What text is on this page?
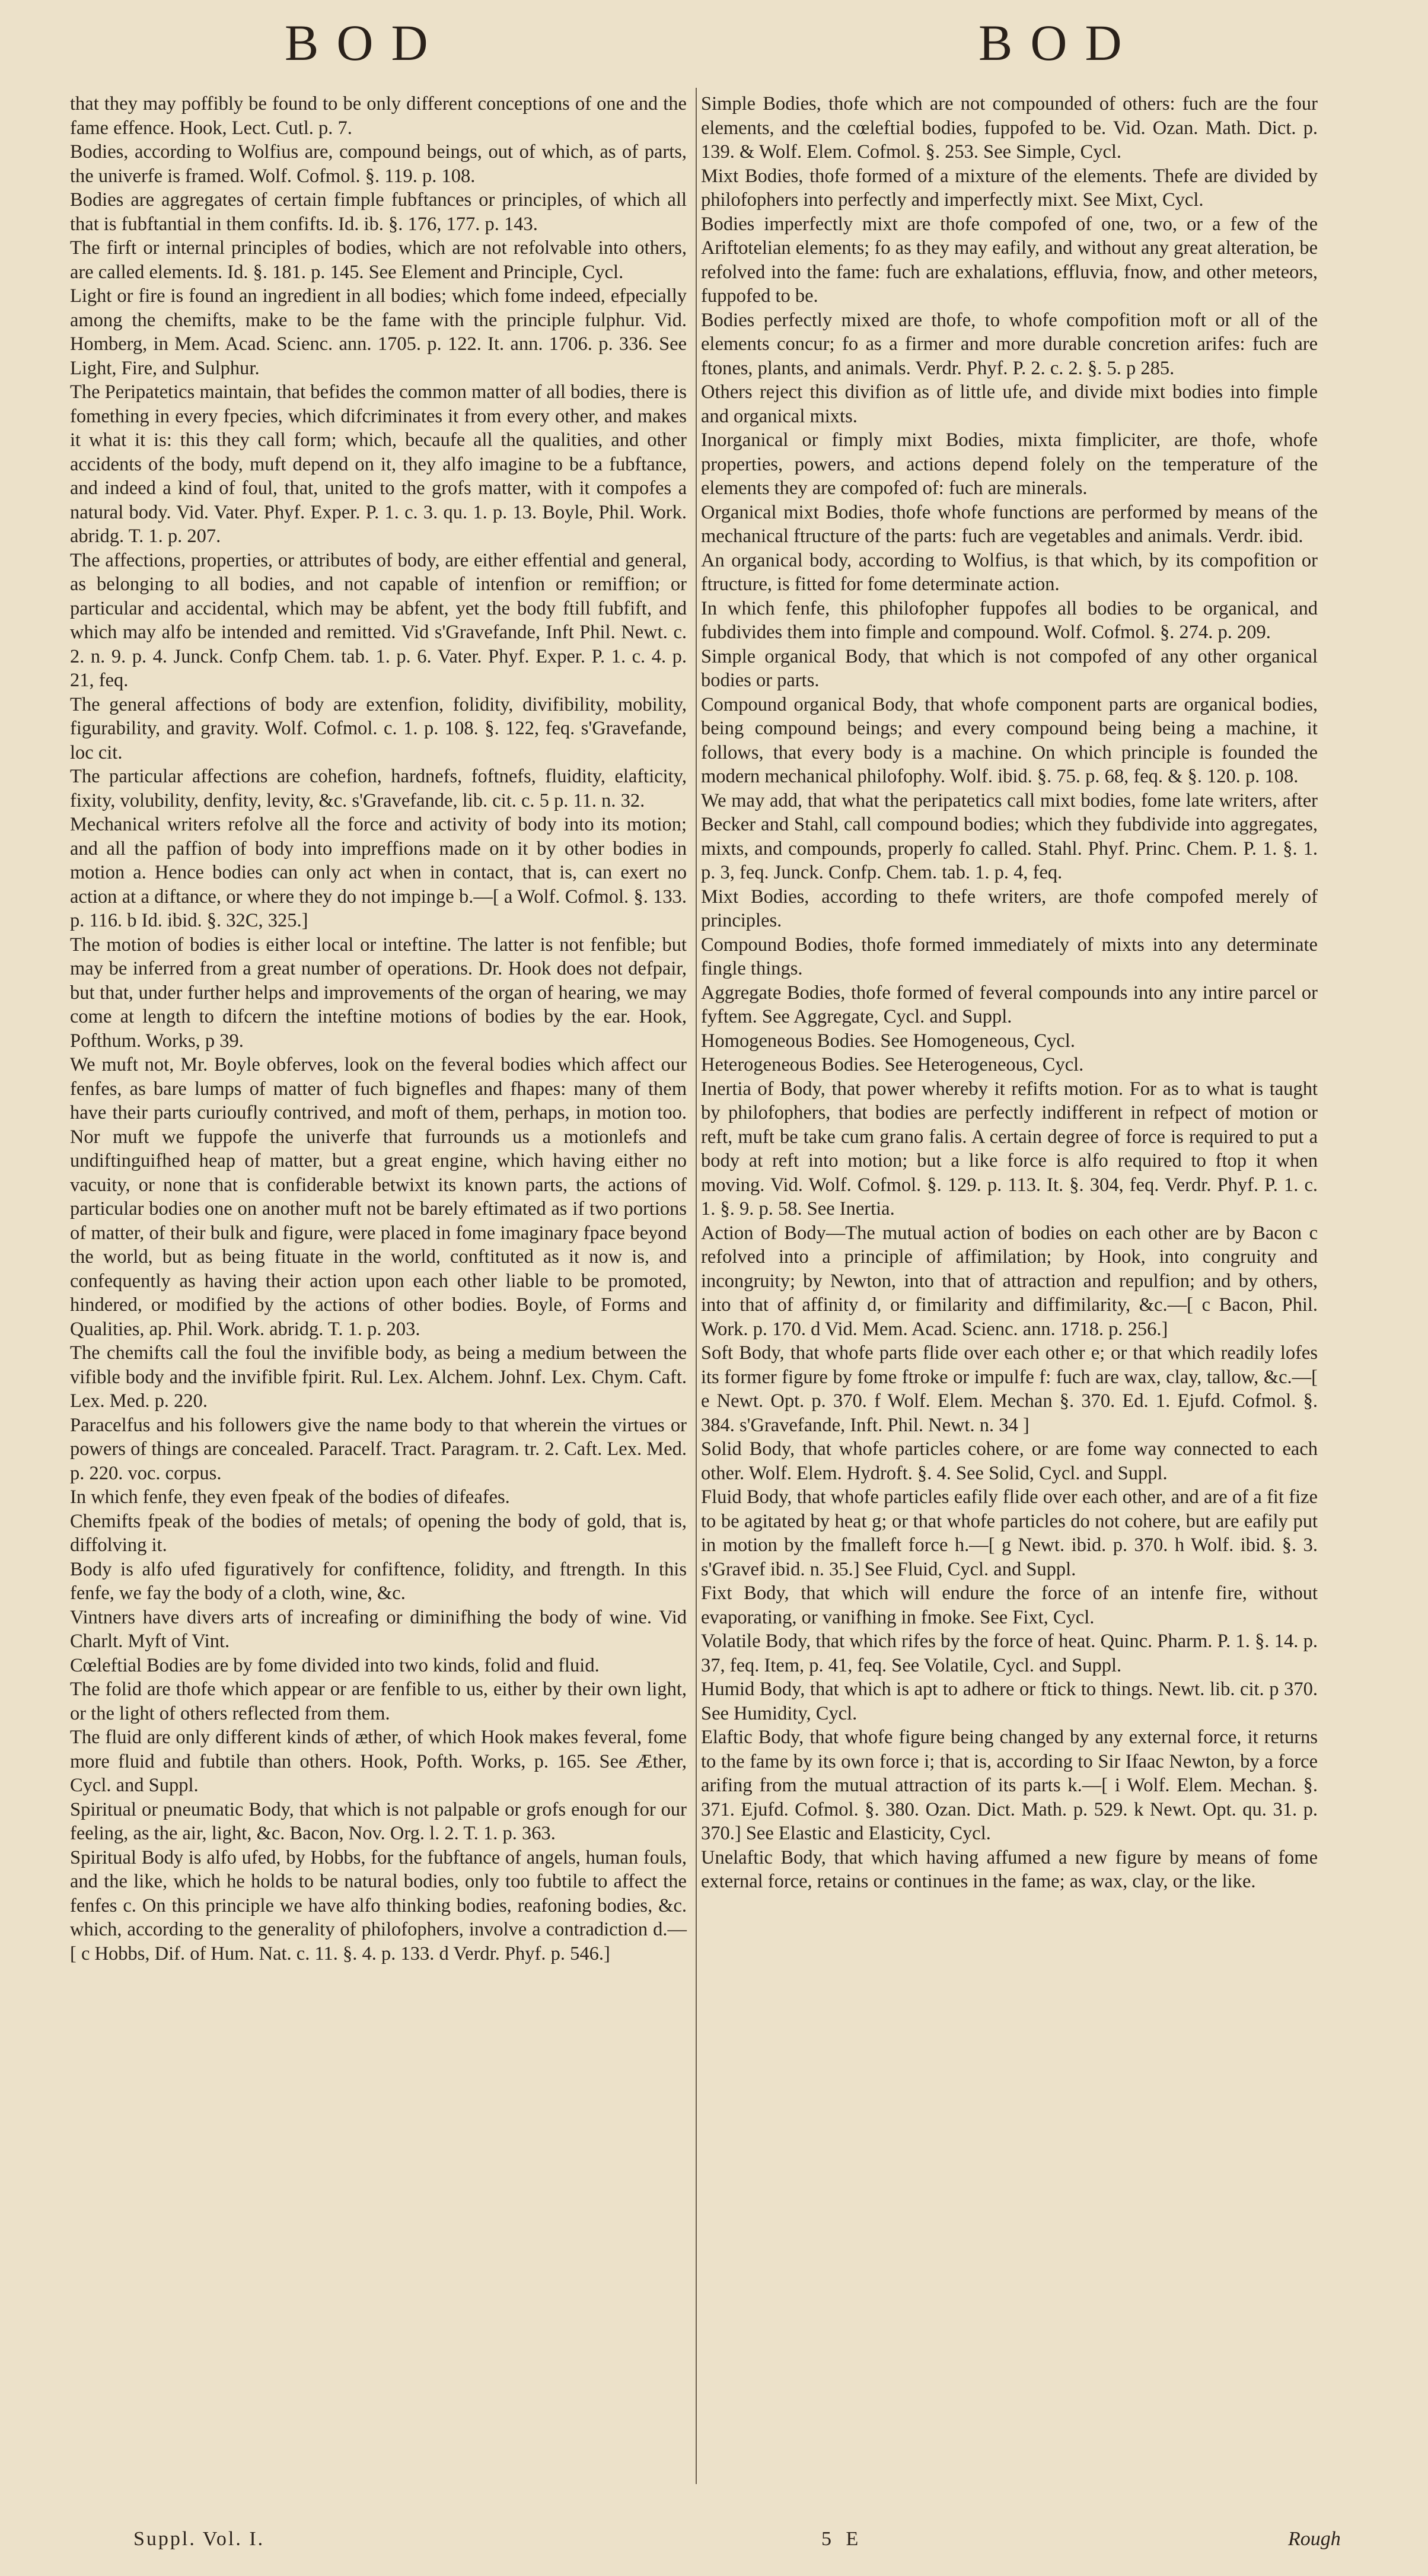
BOD	BOD

that they may poffibly be found to be only different conceptions of one and the fame effence. Hook, Lect. Cutl. p. 7.

Bodies, according to Wolfius are, compound beings, out of which, as of parts, the univerfe is framed. Wolf. Cofmol. §. 119. p. 108.

Bodies are aggregates of certain fimple fubftances or principles, of which all that is fubftantial in them confifts. Id. ib. §. 176, 177. p. 143.

The firft or internal principles of bodies, which are not refolvable into others, are called elements. Id. §. 181. p. 145. See Element and Principle, Cycl.

Light or fire is found an ingredient in all bodies; which fome indeed, efpecially among the chemifts, make to be the fame with the principle fulphur. Vid. Homberg, in Mem. Acad. Scienc. ann. 1705. p. 122. It. ann. 1706. p. 336. See Light, Fire, and Sulphur.

The Peripatetics maintain, that befides the common matter of all bodies, there is fomething in every fpecies, which difcriminates it from every other, and makes it what it is: this they call form; which, becaufe all the qualities, and other accidents of the body, muft depend on it, they alfo imagine to be a fubftance, and indeed a kind of foul, that, united to the grofs matter, with it compofes a natural body. Vid. Vater. Phyf. Exper. P. 1. c. 3. qu. 1. p. 13. Boyle, Phil. Work. abridg. T. 1. p. 207.

The affections, properties, or attributes of body, are either effential and general, as belonging to all bodies, and not capable of intenfion or remiffion; or particular and accidental, which may be abfent, yet the body ftill fubfift, and which may alfo be intended and remitted. Vid s'Gravefande, Inft Phil. Newt. c. 2. n. 9. p. 4. Junck. Confp Chem. tab. 1. p. 6. Vater. Phyf. Exper. P. 1. c. 4. p. 21, feq.

The general affections of body are extenfion, folidity, divifibility, mobility, figurability, and gravity. Wolf. Cofmol. c. 1. p. 108. §. 122, feq. s'Gravefande, loc cit.

The particular affections are cohefion, hardnefs, foftnefs, fluidity, elafticity, fixity, volubility, denfity, levity, &c. s'Gravefande, lib. cit. c. 5 p. 11. n. 32.

Mechanical writers refolve all the force and activity of body into its motion; and all the paffion of body into impreffions made on it by other bodies in motion a. Hence bodies can only act when in contact, that is, can exert no action at a diftance, or where they do not impinge b.—[ a Wolf. Cofmol. §. 133. p. 116. b Id. ibid. §. 32C, 325.]

The motion of bodies is either local or inteftine. The latter is not fenfible; but may be inferred from a great number of operations. Dr. Hook does not defpair, but that, under further helps and improvements of the organ of hearing, we may come at length to difcern the inteftine motions of bodies by the ear. Hook, Pofthum. Works, p 39.

We muft not, Mr. Boyle obferves, look on the feveral bodies which affect our fenfes, as bare lumps of matter of fuch bignefles and fhapes: many of them have their parts curioufly contrived, and moft of them, perhaps, in motion too. Nor muft we fuppofe the univerfe that furrounds us a motionlefs and undiftinguifhed heap of matter, but a great engine, which having either no vacuity, or none that is confiderable betwixt its known parts, the actions of particular bodies one on another muft not be barely eftimated as if two portions of matter, of their bulk and figure, were placed in fome imaginary fpace beyond the world, but as being fituate in the world, conftituted as it now is, and confequently as having their action upon each other liable to be promoted, hindered, or modified by the actions of other bodies. Boyle, of Forms and Qualities, ap. Phil. Work. abridg. T. 1. p. 203.

The chemifts call the foul the invifible body, as being a medium between the vifible body and the invifible fpirit. Rul. Lex. Alchem. Johnf. Lex. Chym. Caft. Lex. Med. p. 220.

Paracelfus and his followers give the name body to that wherein the virtues or powers of things are concealed. Paracelf. Tract. Paragram. tr. 2. Caft. Lex. Med. p. 220. voc. corpus.

In which fenfe, they even fpeak of the bodies of difeafes.

Chemifts fpeak of the bodies of metals; of opening the body of gold, that is, diffolving it.

Body is alfo ufed figuratively for confiftence, folidity, and ftrength. In this fenfe, we fay the body of a cloth, wine, &c.

Vintners have divers arts of increafing or diminifhing the body of wine. Vid Charlt. Myft of Vint.

Cœleftial Bodies are by fome divided into two kinds, folid and fluid.

The folid are thofe which appear or are fenfible to us, either by their own light, or the light of others reflected from them.

The fluid are only different kinds of æther, of which Hook makes feveral, fome more fluid and fubtile than others. Hook, Pofth. Works, p. 165. See Æther, Cycl. and Suppl.

Spiritual or pneumatic Body, that which is not palpable or grofs enough for our feeling, as the air, light, &c. Bacon, Nov. Org. l. 2. T. 1. p. 363.

Spiritual Body is alfo ufed, by Hobbs, for the fubftance of angels, human fouls, and the like, which he holds to be natural bodies, only too fubtile to affect the fenfes c. On this principle we have alfo thinking bodies, reafoning bodies, &c. which, according to the generality of philofophers, involve a contradiction d.—[ c Hobbs, Dif. of Hum. Nat. c. 11. §. 4. p. 133. d Verdr. Phyf. p. 546.]

Simple Bodies, thofe which are not compounded of others: fuch are the four elements, and the cœleftial bodies, fuppofed to be. Vid. Ozan. Math. Dict. p. 139. & Wolf. Elem. Cofmol. §. 253. See Simple, Cycl.

Mixt Bodies, thofe formed of a mixture of the elements. Thefe are divided by philofophers into perfectly and imperfectly mixt. See Mixt, Cycl.

Bodies imperfectly mixt are thofe compofed of one, two, or a few of the Ariftotelian elements; fo as they may eafily, and without any great alteration, be refolved into the fame: fuch are exhalations, effluvia, fnow, and other meteors, fuppofed to be.

Bodies perfectly mixed are thofe, to whofe compofition moft or all of the elements concur; fo as a firmer and more durable concretion arifes: fuch are ftones, plants, and animals. Verdr. Phyf. P. 2. c. 2. §. 5. p 285.

Others reject this divifion as of little ufe, and divide mixt bodies into fimple and organical mixts.

Inorganical or fimply mixt Bodies, mixta fimpliciter, are thofe, whofe properties, powers, and actions depend folely on the temperature of the elements they are compofed of: fuch are minerals.

Organical mixt Bodies, thofe whofe functions are performed by means of the mechanical ftructure of the parts: fuch are vegetables and animals. Verdr. ibid.

An organical body, according to Wolfius, is that which, by its compofition or ftructure, is fitted for fome determinate action.

In which fenfe, this philofopher fuppofes all bodies to be organical, and fubdivides them into fimple and compound. Wolf. Cofmol. §. 274. p. 209.

Simple organical Body, that which is not compofed of any other organical bodies or parts.

Compound organical Body, that whofe component parts are organical bodies, being compound beings; and every compound being being a machine, it follows, that every body is a machine. On which principle is founded the modern mechanical philofophy. Wolf. ibid. §. 75. p. 68, feq. & §. 120. p. 108.

We may add, that what the peripatetics call mixt bodies, fome late writers, after Becker and Stahl, call compound bodies; which they fubdivide into aggregates, mixts, and compounds, properly fo called. Stahl. Phyf. Princ. Chem. P. 1. §. 1. p. 3, feq. Junck. Confp. Chem. tab. 1. p. 4, feq.

Mixt Bodies, according to thefe writers, are thofe compofed merely of principles.

Compound Bodies, thofe formed immediately of mixts into any determinate fingle things.

Aggregate Bodies, thofe formed of feveral compounds into any intire parcel or fyftem. See Aggregate, Cycl. and Suppl.

Homogeneous Bodies. See Homogeneous, Cycl.

Heterogeneous Bodies. See Heterogeneous, Cycl.

Inertia of Body, that power whereby it refifts motion. For as to what is taught by philofophers, that bodies are perfectly indifferent in refpect of motion or reft, muft be take cum grano falis. A certain degree of force is required to put a body at reft into motion; but a like force is alfo required to ftop it when moving. Vid. Wolf. Cofmol. §. 129. p. 113. It. §. 304, feq. Verdr. Phyf. P. 1. c. 1. §. 9. p. 58. See Inertia.

Action of Body—The mutual action of bodies on each other are by Bacon c refolved into a principle of affimilation; by Hook, into congruity and incongruity; by Newton, into that of attraction and repulfion; and by others, into that of affinity d, or fimilarity and diffimilarity, &c.—[ c Bacon, Phil. Work. p. 170. d Vid. Mem. Acad. Scienc. ann. 1718. p. 256.]

Soft Body, that whofe parts flide over each other e; or that which readily lofes its former figure by fome ftroke or impulfe f: fuch are wax, clay, tallow, &c.—[ e Newt. Opt. p. 370. f Wolf. Elem. Mechan §. 370. Ed. 1. Ejufd. Cofmol. §. 384. s'Gravefande, Inft. Phil. Newt. n. 34 ]

Solid Body, that whofe particles cohere, or are fome way connected to each other. Wolf. Elem. Hydroft. §. 4. See Solid, Cycl. and Suppl.

Fluid Body, that whofe particles eafily flide over each other, and are of a fit fize to be agitated by heat g; or that whofe particles do not cohere, but are eafily put in motion by the fmalleft force h.—[ g Newt. ibid. p. 370. h Wolf. ibid. §. 3. s'Gravef ibid. n. 35.] See Fluid, Cycl. and Suppl.

Fixt Body, that which will endure the force of an intenfe fire, without evaporating, or vanifhing in fmoke. See Fixt, Cycl.

Volatile Body, that which rifes by the force of heat. Quinc. Pharm. P. 1. §. 14. p. 37, feq. Item, p. 41, feq. See Volatile, Cycl. and Suppl.

Humid Body, that which is apt to adhere or ftick to things. Newt. lib. cit. p 370. See Humidity, Cycl.

Elaftic Body, that whofe figure being changed by any external force, it returns to the fame by its own force i; that is, according to Sir Ifaac Newton, by a force arifing from the mutual attraction of its parts k.—[ i Wolf. Elem. Mechan. §. 371. Ejufd. Cofmol. §. 380. Ozan. Dict. Math. p. 529. k Newt. Opt. qu. 31. p. 370.] See Elastic and Elasticity, Cycl.

Unelaftic Body, that which having affumed a new figure by means of fome external force, retains or continues in the fame; as wax, clay, or the like.

Suppl. Vol. I.	5 E	Rough
